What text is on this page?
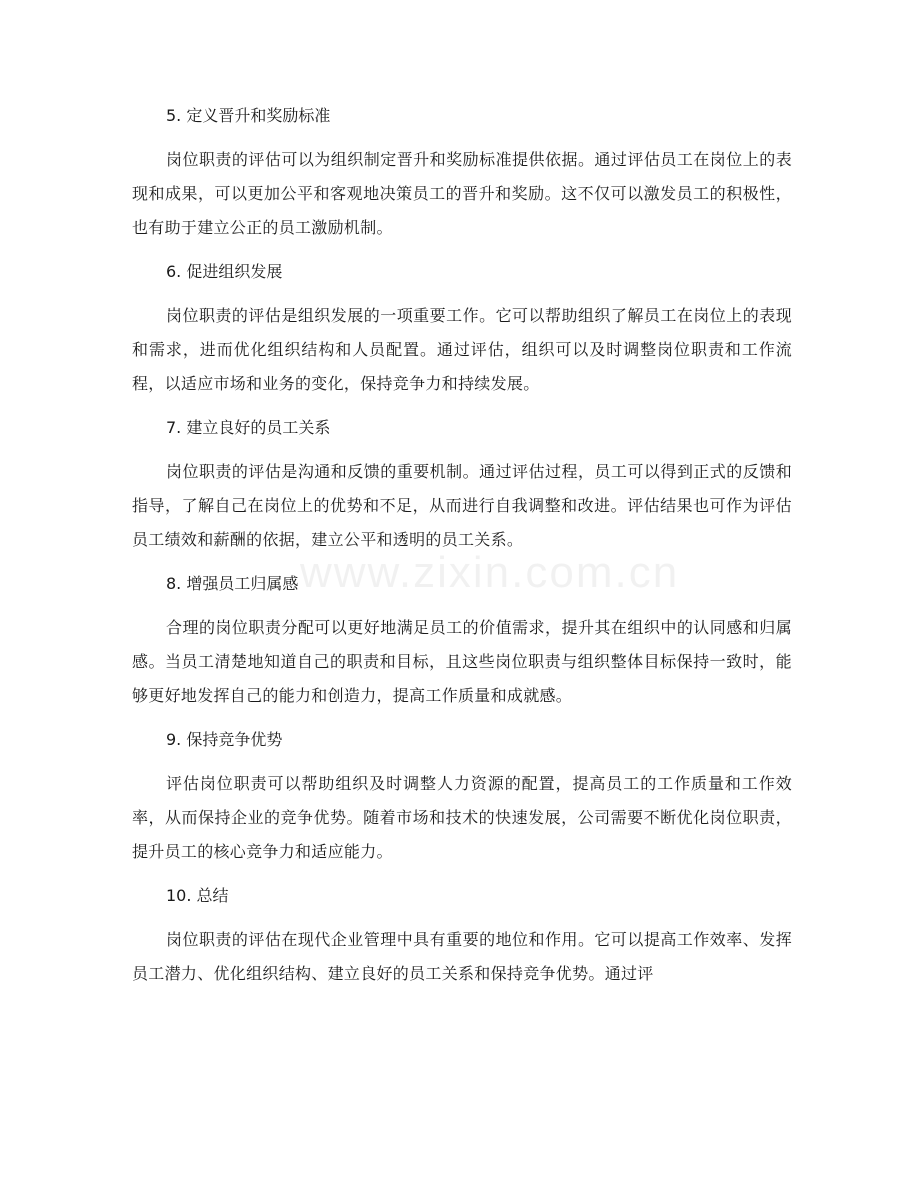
5. 定义晋升和奖励标准

岗位职责的评估可以为组织制定晋升和奖励标准提供依据。通过评估员工在岗位上的表现和成果，可以更加公平和客观地决策员工的晋升和奖励。这不仅可以激发员工的积极性，也有助于建立公正的员工激励机制。

6. 促进组织发展

岗位职责的评估是组织发展的一项重要工作。它可以帮助组织了解员工在岗位上的表现和需求，进而优化组织结构和人员配置。通过评估，组织可以及时调整岗位职责和工作流程，以适应市场和业务的变化，保持竞争力和持续发展。

7. 建立良好的员工关系

岗位职责的评估是沟通和反馈的重要机制。通过评估过程，员工可以得到正式的反馈和指导，了解自己在岗位上的优势和不足，从而进行自我调整和改进。评估结果也可作为评估员工绩效和薪酬的依据，建立公平和透明的员工关系。

8. 增强员工归属感

合理的岗位职责分配可以更好地满足员工的价值需求，提升其在组织中的认同感和归属感。当员工清楚地知道自己的职责和目标，且这些岗位职责与组织整体目标保持一致时，能够更好地发挥自己的能力和创造力，提高工作质量和成就感。

9. 保持竞争优势

评估岗位职责可以帮助组织及时调整人力资源的配置，提高员工的工作质量和工作效率，从而保持企业的竞争优势。随着市场和技术的快速发展，公司需要不断优化岗位职责，提升员工的核心竞争力和适应能力。

10. 总结

岗位职责的评估在现代企业管理中具有重要的地位和作用。它可以提高工作效率、发挥员工潜力、优化组织结构、建立良好的员工关系和保持竞争优势。通过评

www.zixin.com.cn
